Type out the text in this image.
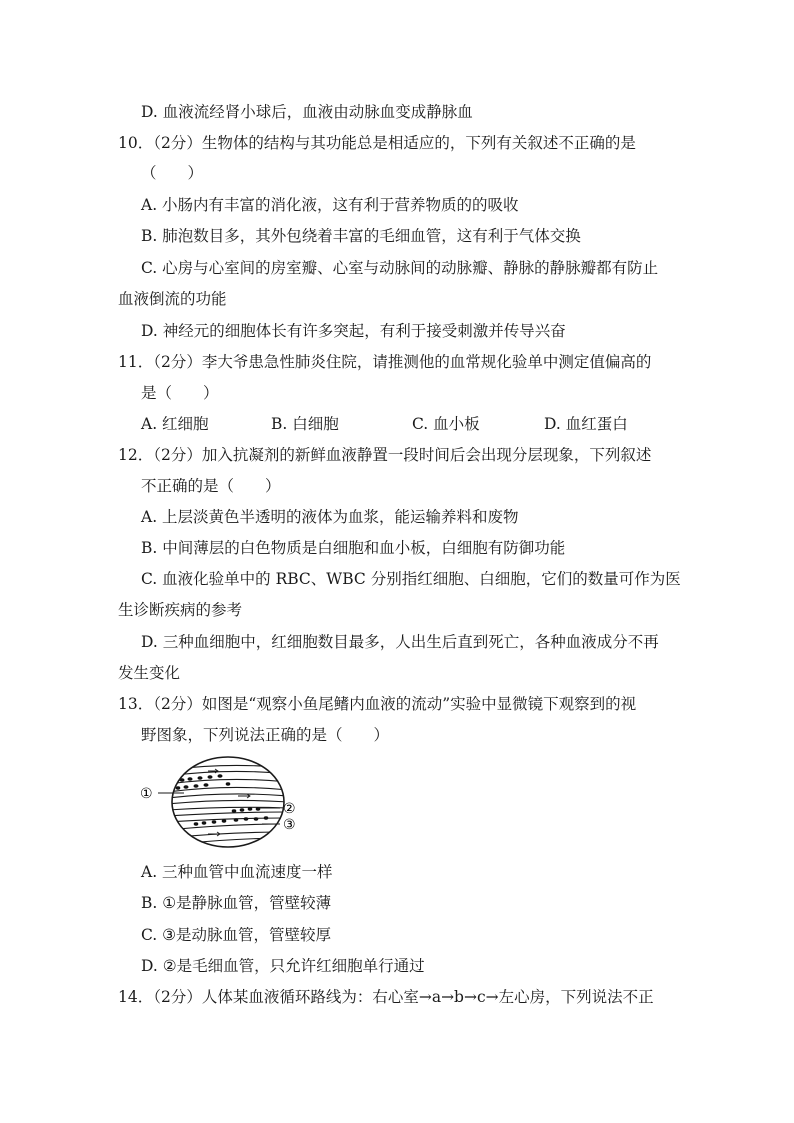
D. 血液流经肾小球后，血液由动脉血变成静脉血
10．（2分）生物体的结构与其功能总是相适应的，下列有关叙述不正确的是
（　　）
A. 小肠内有丰富的消化液，这有利于营养物质的的吸收
B. 肺泡数目多，其外包绕着丰富的毛细血管，这有利于气体交换
C. 心房与心室间的房室瓣、心室与动脉间的动脉瓣、静脉的静脉瓣都有防止
血液倒流的功能
D. 神经元的细胞体长有许多突起，有利于接受刺激并传导兴奋
11．（2分）李大爷患急性肺炎住院，请推测他的血常规化验单中测定值偏高的
是（　　）
A. 红细胞	B. 白细胞	C. 血小板	D. 血红蛋白
12．（2分）加入抗凝剂的新鲜血液静置一段时间后会出现分层现象，下列叙述
不正确的是（　　）
A. 上层淡黄色半透明的液体为血浆，能运输养料和废物
B. 中间薄层的白色物质是白细胞和血小板，白细胞有防御功能
C. 血液化验单中的 RBC、WBC 分别指红细胞、白细胞，它们的数量可作为医
生诊断疾病的参考
D. 三种血细胞中，红细胞数目最多，人出生后直到死亡，各种血液成分不再
发生变化
13．（2分）如图是“观察小鱼尾鳍内血液的流动”实验中显微镜下观察到的视
野图象，下列说法正确的是（　　）
①
②
③
A. 三种血管中血流速度一样
B. ①是静脉血管，管壁较薄
C. ③是动脉血管，管壁较厚
D. ②是毛细血管，只允许红细胞单行通过
14．（2分）人体某血液循环路线为：右心室→a→b→c→左心房，下列说法不正
